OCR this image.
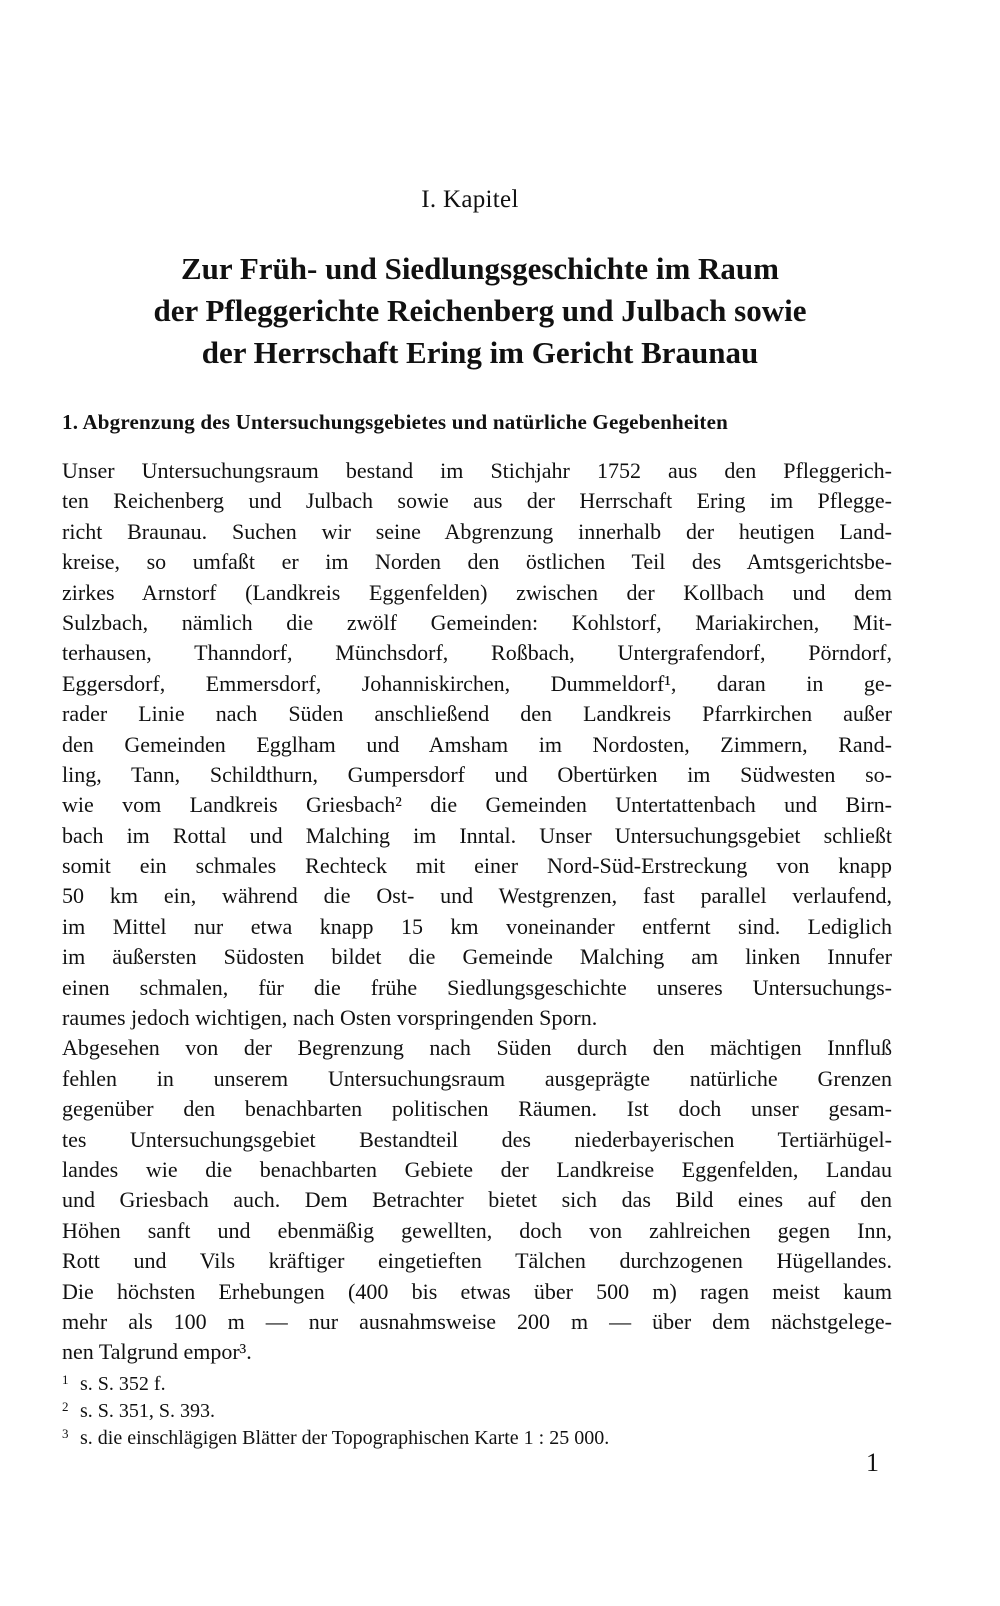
I. Kapitel
Zur Früh- und Siedlungsgeschichte im Raum
der Pfleggerichte Reichenberg und Julbach sowie
der Herrschaft Ering im Gericht Braunau
1. Abgrenzung des Untersuchungsgebietes und natürliche Gegebenheiten
Unser Untersuchungsraum bestand im Stichjahr 1752 aus den Pfleggerich-
ten Reichenberg und Julbach sowie aus der Herrschaft Ering im Pflegge-
richt Braunau. Suchen wir seine Abgrenzung innerhalb der heutigen Land-
kreise, so umfaßt er im Norden den östlichen Teil des Amtsgerichtsbe-
zirkes Arnstorf (Landkreis Eggenfelden) zwischen der Kollbach und dem
Sulzbach, nämlich die zwölf Gemeinden: Kohlstorf, Mariakirchen, Mit-
terhausen, Thanndorf, Münchsdorf, Roßbach, Untergrafendorf, Pörndorf,
Eggersdorf, Emmersdorf, Johanniskirchen, Dummeldorf¹, daran in ge-
rader Linie nach Süden anschließend den Landkreis Pfarrkirchen außer
den Gemeinden Egglham und Amsham im Nordosten, Zimmern, Rand-
ling, Tann, Schildthurn, Gumpersdorf und Obertürken im Südwesten so-
wie vom Landkreis Griesbach² die Gemeinden Untertattenbach und Birn-
bach im Rottal und Malching im Inntal. Unser Untersuchungsgebiet schließt
somit ein schmales Rechteck mit einer Nord-Süd-Erstreckung von knapp
50 km ein, während die Ost- und Westgrenzen, fast parallel verlaufend,
im Mittel nur etwa knapp 15 km voneinander entfernt sind. Lediglich
im äußersten Südosten bildet die Gemeinde Malching am linken Innufer
einen schmalen, für die frühe Siedlungsgeschichte unseres Untersuchungs-
raumes jedoch wichtigen, nach Osten vorspringenden Sporn.
Abgesehen von der Begrenzung nach Süden durch den mächtigen Innfluß
fehlen in unserem Untersuchungsraum ausgeprägte natürliche Grenzen
gegenüber den benachbarten politischen Räumen. Ist doch unser gesam-
tes Untersuchungsgebiet Bestandteil des niederbayerischen Tertiärhügel-
landes wie die benachbarten Gebiete der Landkreise Eggenfelden, Landau
und Griesbach auch. Dem Betrachter bietet sich das Bild eines auf den
Höhen sanft und ebenmäßig gewellten, doch von zahlreichen gegen Inn,
Rott und Vils kräftiger eingetieften Tälchen durchzogenen Hügellandes.
Die höchsten Erhebungen (400 bis etwas über 500 m) ragen meist kaum
mehr als 100 m — nur ausnahmsweise 200 m — über dem nächstgelege-
nen Talgrund empor³.
$^1$ s. S. 352 f.
$^2$ s. S. 351, S. 393.
$^3$ s. die einschlägigen Blätter der Topographischen Karte 1 : 25 000.
1
